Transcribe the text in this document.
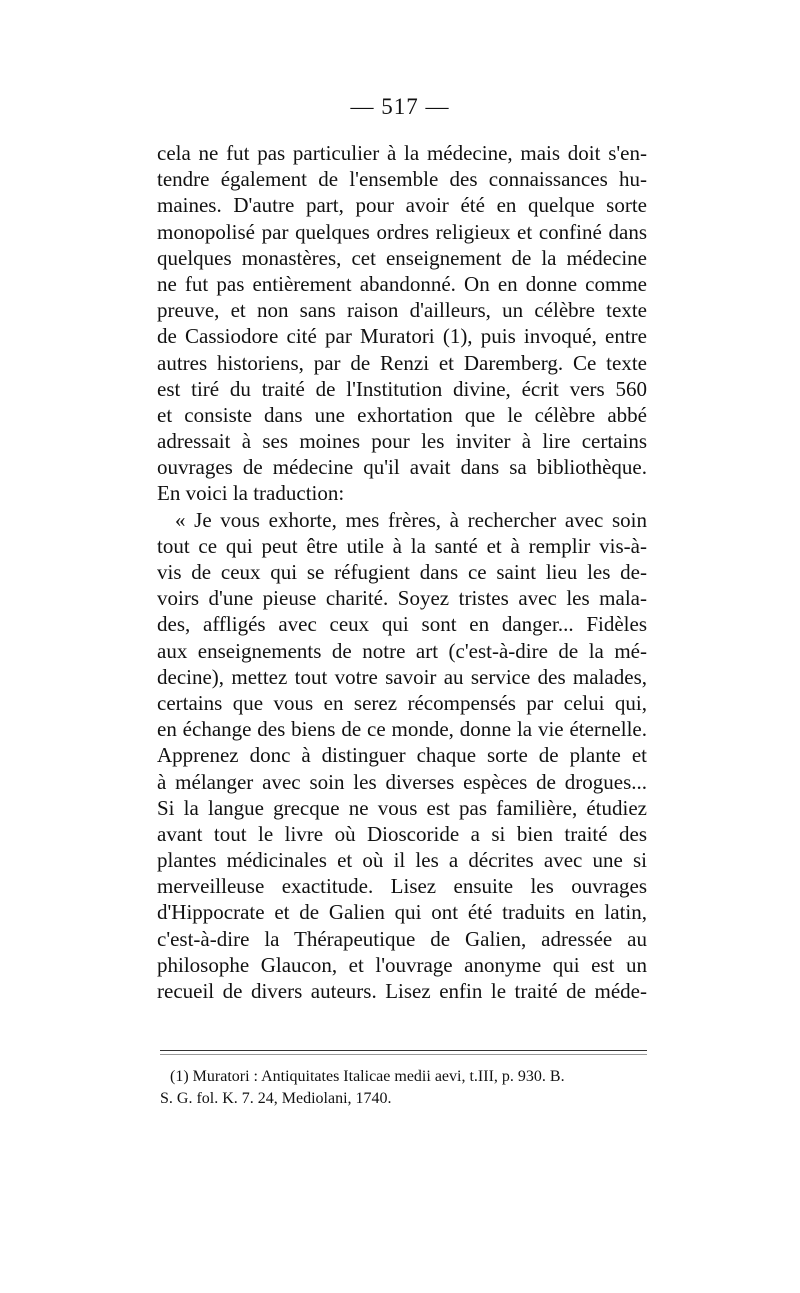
— 517 —
cela ne fut pas particulier à la médecine, mais doit s'en-
tendre également de l'ensemble des connaissances hu-
maines. D'autre part, pour avoir été en quelque sorte
monopolisé par quelques ordres religieux et confiné dans
quelques monastères, cet enseignement de la médecine
ne fut pas entièrement abandonné. On en donne comme
preuve, et non sans raison d'ailleurs, un célèbre texte
de Cassiodore cité par Muratori (1), puis invoqué, entre
autres historiens, par de Renzi et Daremberg. Ce texte
est tiré du traité de l'Institution divine, écrit vers 560
et consiste dans une exhortation que le célèbre abbé
adressait à ses moines pour les inviter à lire certains
ouvrages de médecine qu'il avait dans sa bibliothèque.
En voici la traduction:
« Je vous exhorte, mes frères, à rechercher avec soin
tout ce qui peut être utile à la santé et à remplir vis-à-
vis de ceux qui se réfugient dans ce saint lieu les de-
voirs d'une pieuse charité. Soyez tristes avec les mala-
des, affligés avec ceux qui sont en danger... Fidèles
aux enseignements de notre art (c'est-à-dire de la mé-
decine), mettez tout votre savoir au service des malades,
certains que vous en serez récompensés par celui qui,
en échange des biens de ce monde, donne la vie éternelle.
Apprenez donc à distinguer chaque sorte de plante et
à mélanger avec soin les diverses espèces de drogues...
Si la langue grecque ne vous est pas familière, étudiez
avant tout le livre où Dioscoride a si bien traité des
plantes médicinales et où il les a décrites avec une si
merveilleuse exactitude. Lisez ensuite les ouvrages
d'Hippocrate et de Galien qui ont été traduits en latin,
c'est-à-dire la Thérapeutique de Galien, adressée au
philosophe Glaucon, et l'ouvrage anonyme qui est un
recueil de divers auteurs. Lisez enfin le traité de méde-
(1) Muratori : Antiquitates Italicae medii aevi, t.III, p. 930. B.
S. G. fol. K. 7. 24, Mediolani, 1740.
